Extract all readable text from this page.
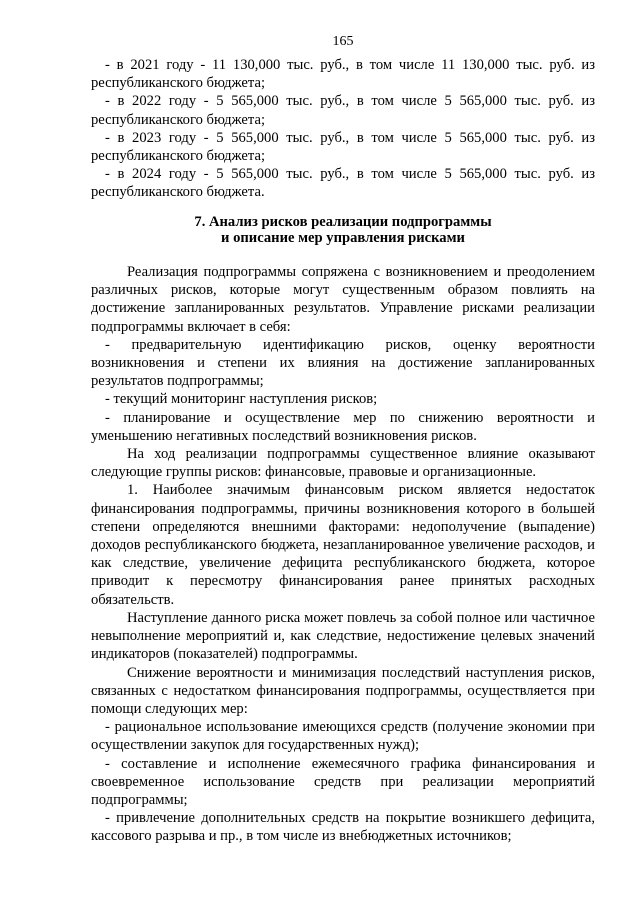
165

- в 2021 году - 11 130,000 тыс. руб., в том числе 11 130,000 тыс. руб. из республиканского бюджета;

- в 2022 году - 5 565,000 тыс. руб., в том числе 5 565,000 тыс. руб. из республиканского бюджета;

- в 2023 году - 5 565,000 тыс. руб., в том числе 5 565,000 тыс. руб. из республиканского бюджета;

- в 2024 году - 5 565,000 тыс. руб., в том числе 5 565,000 тыс. руб. из республиканского бюджета.

7. Анализ рисков реализации подпрограммы
и описание мер управления рисками

Реализация подпрограммы сопряжена с возникновением и преодолением различных рисков, которые могут существенным образом повлиять на достижение запланированных результатов. Управление рисками реализации подпрограммы включает в себя:

- предварительную идентификацию рисков, оценку вероятности возникновения и степени их влияния на достижение запланированных результатов подпрограммы;

- текущий мониторинг наступления рисков;

- планирование и осуществление мер по снижению вероятности и уменьшению негативных последствий возникновения рисков.

На ход реализации подпрограммы существенное влияние оказывают следующие группы рисков: финансовые, правовые и организационные.

1. Наиболее значимым финансовым риском является недостаток финансирования подпрограммы, причины возникновения которого в большей степени определяются внешними факторами: недополучение (выпадение) доходов республиканского бюджета, незапланированное увеличение расходов, и как следствие, увеличение дефицита республиканского бюджета, которое приводит к пересмотру финансирования ранее принятых расходных обязательств.

Наступление данного риска может повлечь за собой полное или частичное невыполнение мероприятий и, как следствие, недостижение целевых значений индикаторов (показателей) подпрограммы.

Снижение вероятности и минимизация последствий наступления рисков, связанных с недостатком финансирования подпрограммы, осуществляется при помощи следующих мер:

- рациональное использование имеющихся средств (получение экономии при осуществлении закупок для государственных нужд);

- составление и исполнение ежемесячного графика финансирования и своевременное использование средств при реализации мероприятий подпрограммы;

- привлечение дополнительных средств на покрытие возникшего дефицита, кассового разрыва и пр., в том числе из внебюджетных источников;
